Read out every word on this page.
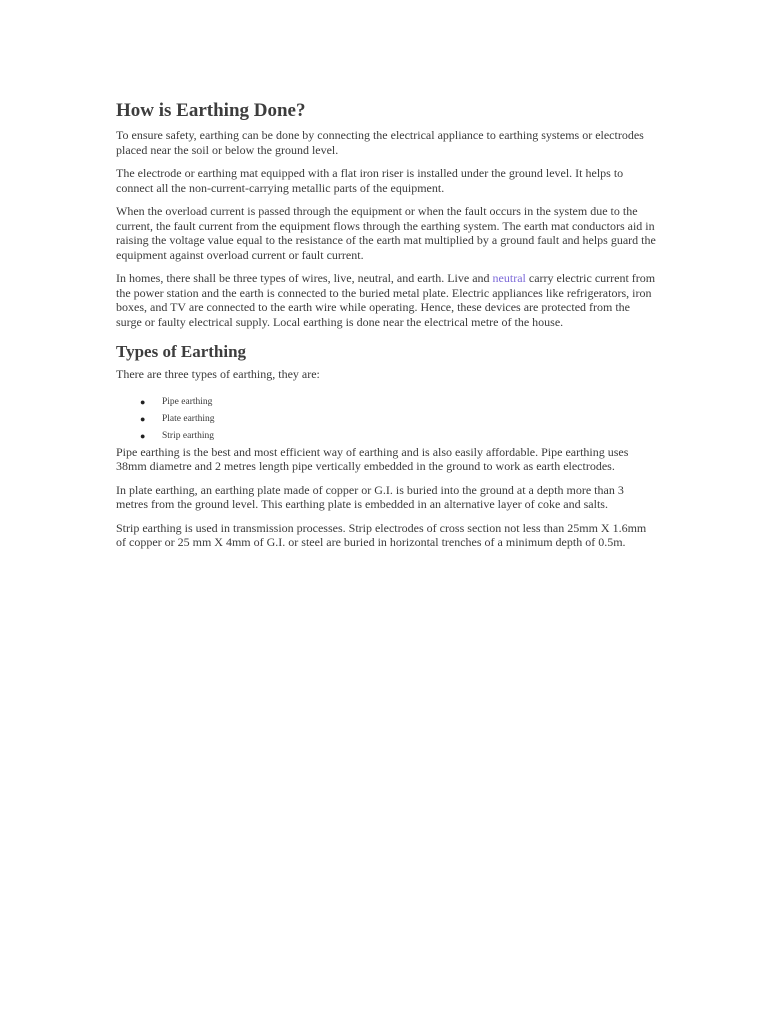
How is Earthing Done?

To ensure safety, earthing can be done by connecting the electrical appliance to earthing systems or electrodes placed near the soil or below the ground level.

The electrode or earthing mat equipped with a flat iron riser is installed under the ground level. It helps to connect all the non-current-carrying metallic parts of the equipment.

When the overload current is passed through the equipment or when the fault occurs in the system due to the current, the fault current from the equipment flows through the earthing system. The earth mat conductors aid in raising the voltage value equal to the resistance of the earth mat multiplied by a ground fault and helps guard the equipment against overload current or fault current.

In homes, there shall be three types of wires, live, neutral, and earth. Live and neutral carry electric current from the power station and the earth is connected to the buried metal plate. Electric appliances like refrigerators, iron boxes, and TV are connected to the earth wire while operating. Hence, these devices are protected from the surge or faulty electrical supply. Local earthing is done near the electrical metre of the house.

Types of Earthing

There are three types of earthing, they are:

● Pipe earthing
● Plate earthing
● Strip earthing

Pipe earthing is the best and most efficient way of earthing and is also easily affordable. Pipe earthing uses 38mm diametre and 2 metres length pipe vertically embedded in the ground to work as earth electrodes.

In plate earthing, an earthing plate made of copper or G.I. is buried into the ground at a depth more than 3 metres from the ground level. This earthing plate is embedded in an alternative layer of coke and salts.

Strip earthing is used in transmission processes. Strip electrodes of cross section not less than 25mm X 1.6mm of copper or 25 mm X 4mm of G.I. or steel are buried in horizontal trenches of a minimum depth of 0.5m.
